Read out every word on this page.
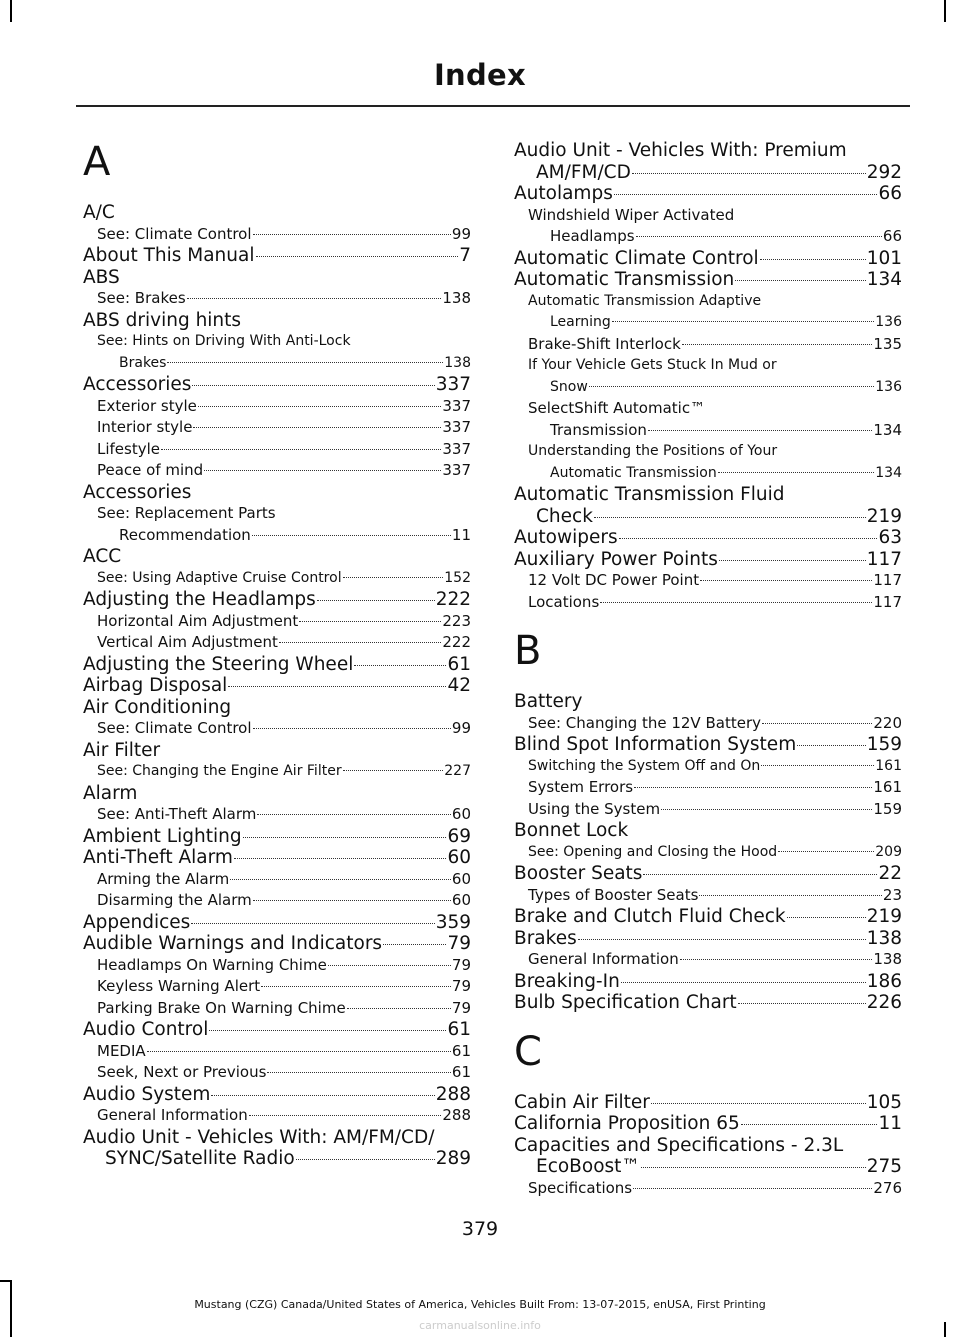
Index
A
A/C
See: Climate Control	99
About This Manual	7
ABS
See: Brakes	138
ABS driving hints
See: Hints on Driving With Anti-Lock
Brakes	138
Accessories	337
Exterior style	337
Interior style	337
Lifestyle	337
Peace of mind	337
Accessories
See: Replacement Parts
Recommendation	11
ACC
See: Using Adaptive Cruise Control	152
Adjusting the Headlamps	222
Horizontal Aim Adjustment	223
Vertical Aim Adjustment	222
Adjusting the Steering Wheel	61
Airbag Disposal	42
Air Conditioning
See: Climate Control	99
Air Filter
See: Changing the Engine Air Filter	227
Alarm
See: Anti-Theft Alarm	60
Ambient Lighting	69
Anti-Theft Alarm	60
Arming the Alarm	60
Disarming the Alarm	60
Appendices	359
Audible Warnings and Indicators	79
Headlamps On Warning Chime	79
Keyless Warning Alert	79
Parking Brake On Warning Chime	79
Audio Control	61
MEDIA	61
Seek, Next or Previous	61
Audio System	288
General Information	288
Audio Unit - Vehicles With: AM/FM/CD/
SYNC/Satellite Radio	289
Audio Unit - Vehicles With: Premium
AM/FM/CD	292
Autolamps	66
Windshield Wiper Activated
Headlamps	66
Automatic Climate Control	101
Automatic Transmission	134
Automatic Transmission Adaptive
Learning	136
Brake-Shift Interlock	135
If Your Vehicle Gets Stuck In Mud or
Snow	136
SelectShift Automatic™
Transmission	134
Understanding the Positions of Your
Automatic Transmission	134
Automatic Transmission Fluid
Check	219
Autowipers	63
Auxiliary Power Points	117
12 Volt DC Power Point	117
Locations	117
B
Battery
See: Changing the 12V Battery	220
Blind Spot Information System	159
Switching the System Off and On	161
System Errors	161
Using the System	159
Bonnet Lock
See: Opening and Closing the Hood	209
Booster Seats	22
Types of Booster Seats	23
Brake and Clutch Fluid Check	219
Brakes	138
General Information	138
Breaking-In	186
Bulb Specification Chart	226
C
Cabin Air Filter	105
California Proposition 65	11
Capacities and Specifications - 2.3L
EcoBoost™	275
Specifications	276
379
Mustang (CZG) Canada/United States of America, Vehicles Built From: 13-07-2015, enUSA, First Printing
carmanualsonline.info
